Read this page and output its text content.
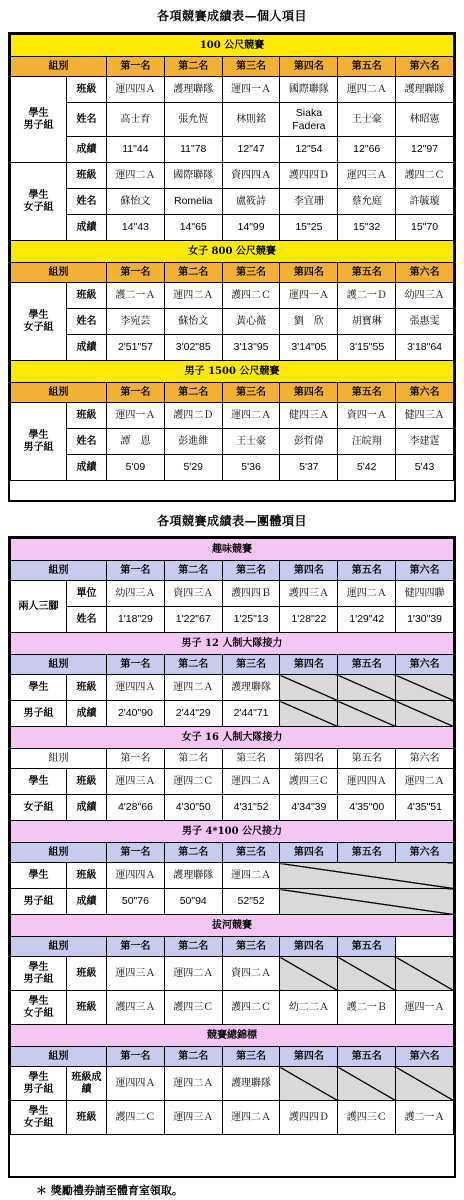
各項競賽成績表—個人項目
100 公尺競賽							
組別		第一名	第二名	第三名	第四名	第五名	第六名
學生
男子組	班級	運四四Ａ	護理聯隊	運四一Ａ	國際聯隊	運四二Ａ	護理聯隊
	姓名	高士育	張允恆	林則銘	Siaka Fadera	王士豪	林昭憲
	成績	11"44	11"78	12"47	12"54	12"66	12"97
學生
女子組	班級	運四二Ａ	國際聯隊	資四四Ａ	護四四Ｄ	運四三Ａ	護四二Ｃ
	姓名	蘇怡文	Romelia	盧筱詩	李宜珊	蔡允庭	許毓璇
	成績	14"43	14"65	14"99	15"25	15"32	15"70
女子 800 公尺競賽							
組別		第一名	第二名	第三名	第四名	第五名	第六名
學生
女子組	班級	護二一Ａ	運四二Ａ	護四二Ｃ	運四一Ａ	護二一Ｄ	幼四三Ａ
	姓名	李宛芸	蘇怡文	黃心薇	劉　欣	胡寶琳	張惠雯
	成績	2'51"57	3'02"85	3'13"95	3'14"05	3'15"55	3'18"64
男子 1500 公尺競賽							
組別		第一名	第二名	第三名	第四名	第五名	第六名
學生
男子組	班級	運四一Ａ	護四二Ｄ	運四二Ａ	健四三Ａ	資四一Ａ	健四三Ａ
	姓名	譚　恩	彭進維	王士豪	彭哲偉	汪皖翔	李建霆
	成績	5'09	5'29	5'36	5'37	5'42	5'43
各項競賽成績表—團體項目
趣味競賽							
組別		第一名	第二名	第三名	第四名	第五名	第六名
兩人三腳	單位	幼四三Ａ	資四三Ａ	護四四Ｂ	護四三Ａ	運四二Ａ	健四四聯
	姓名	1'18"29	1'22"67	1'25"13	1'28"22	1'29"42	1'30"39
男子 12 人制大隊接力							
組別		第一名	第二名	第三名	第四名	第五名	第六名
學生	班級	運四四Ａ	運四二Ａ	護理聯隊			
男子組	成績	2'40"90	2'44"29	2'44"71			
女子 16 人制大隊接力							
組別		第一名	第二名	第三名	第四名	第五名	第六名
學生	班級	運四三Ａ	運四二Ｃ	運四二Ａ	護四三Ｃ	運四四Ａ	運四二Ａ
女子組	成績	4'28"66	4'30"50	4'31"52	4'34"39	4'35"00	4'35"51
男子 4*100 公尺接力							
組別		第一名	第二名	第三名	第四名	第五名	第六名
學生	班級	運四四Ａ	護理聯隊	運四二Ａ			
男子組	成績	50"76	50"94	52"52			
拔河競賽							
組別		第一名	第二名	第三名	第四名	第五名	
學生
男子組	班級	運四三Ａ	運四二Ａ	資四二Ａ			
學生
女子組	班級	護四三Ａ	護四三Ｃ	護四二Ｃ	幼二二Ａ	護二一Ｂ	運四一Ａ
競賽總錦標							
組別		第一名	第二名	第三名	第四名	第五名	第六名
學生
男子組	班級成績	運四四Ａ	運四二Ａ	護理聯隊			
學生
女子組	班級	護四二Ｃ	運四三Ａ	運四二Ａ	護四四Ｄ	護四三Ｃ	護二一Ａ
＊ 獎勵禮券請至體育室領取。
